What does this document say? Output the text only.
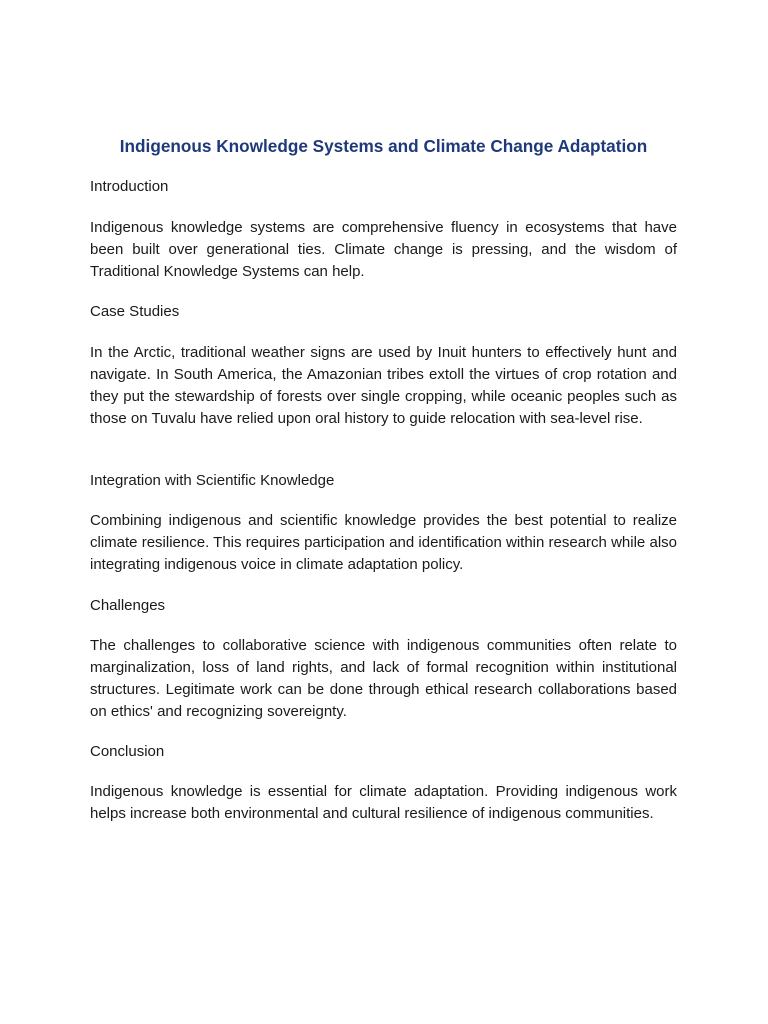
Indigenous Knowledge Systems and Climate Change Adaptation

Introduction

Indigenous knowledge systems are comprehensive fluency in ecosystems that have been built over generational ties. Climate change is pressing, and the wisdom of Traditional Knowledge Systems can help.

Case Studies

In the Arctic, traditional weather signs are used by Inuit hunters to effectively hunt and navigate. In South America, the Amazonian tribes extoll the virtues of crop rotation and they put the stewardship of forests over single cropping, while oceanic peoples such as those on Tuvalu have relied upon oral history to guide relocation with sea-level rise.

Integration with Scientific Knowledge

Combining indigenous and scientific knowledge provides the best potential to realize climate resilience. This requires participation and identification within research while also integrating indigenous voice in climate adaptation policy.

Challenges

The challenges to collaborative science with indigenous communities often relate to marginalization, loss of land rights, and lack of formal recognition within institutional structures. Legitimate work can be done through ethical research collaborations based on ethics' and recognizing sovereignty.

Conclusion

Indigenous knowledge is essential for climate adaptation. Providing indigenous work helps increase both environmental and cultural resilience of indigenous communities.
